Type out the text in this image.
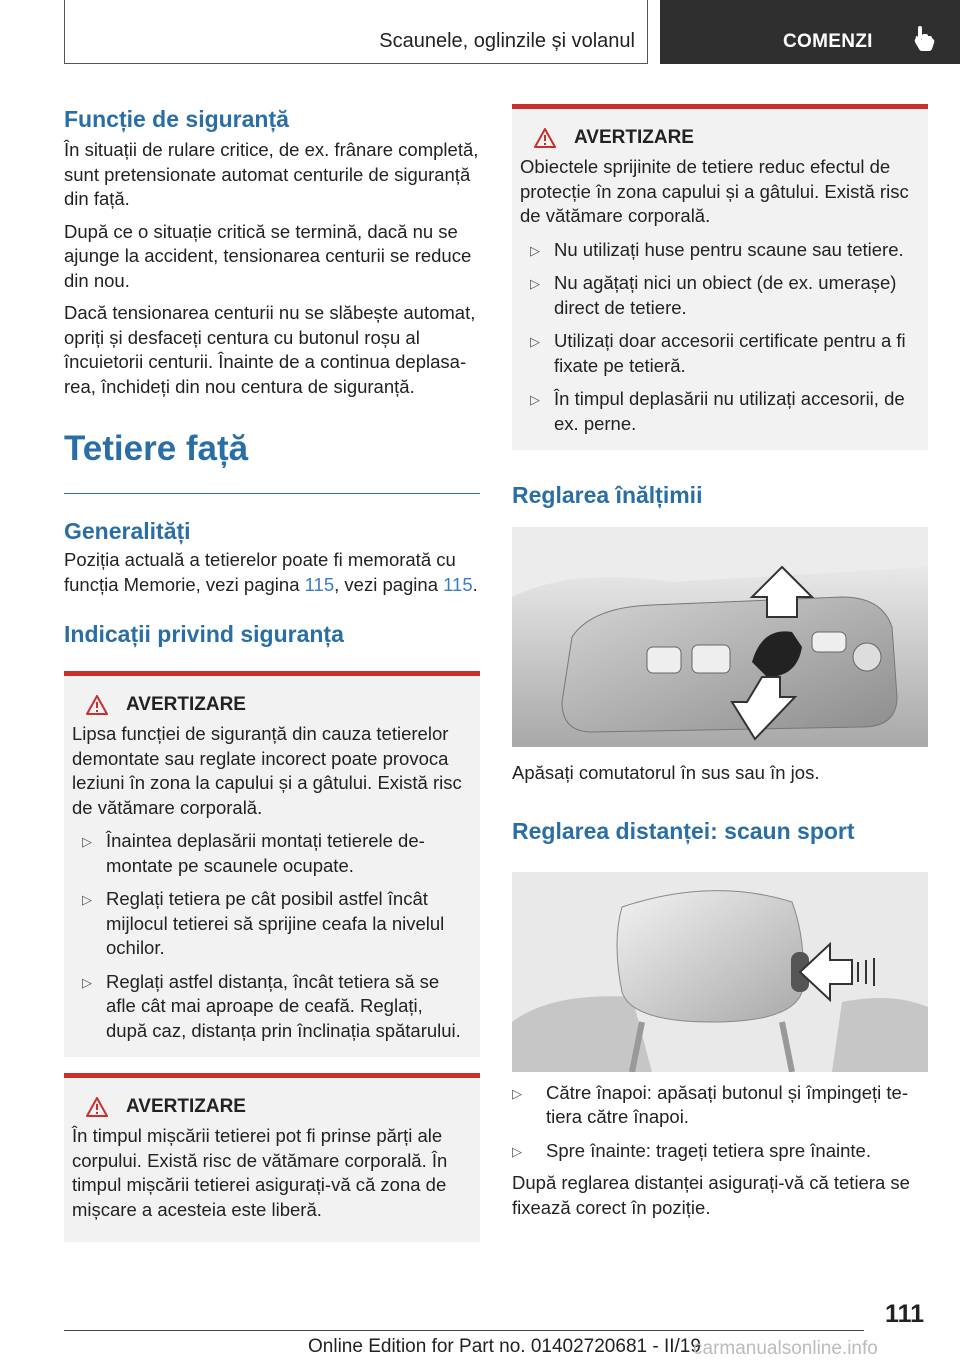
Scaunele, oglinzile și volanul	COMENZI
Funcție de siguranță

În situații de rulare critice, de ex. frânare completă, sunt pretensionate automat centurile de siguranță din față.

După ce o situație critică se termină, dacă nu se ajunge la accident, tensionarea centurii se reduce din nou.

Dacă tensionarea centurii nu se slăbește automat, opriți și desfaceți centura cu butonul roșu al încuietorii centurii. Înainte de a continua deplasarea, închideți din nou centura de siguranță.

Tetiere față
Generalități

Poziția actuală a tetierelor poate fi memorată cu funcția Memorie, vezi pagina 115, vezi pagina 115.

Indicații privind siguranța
AVERTIZARE

Lipsa funcției de siguranță din cauza tetierelor demontate sau reglate incorect poate provoca leziuni în zona la capului și a gâtului. Există risc de vătămare corporală.

▷ Înaintea deplasării montați tetierele demontate pe scaunele ocupate.
▷ Reglați tetiera pe cât posibil astfel încât mijlocul tetierei să sprijine ceafa la nivelul ochilor.
▷ Reglați astfel distanța, încât tetiera să se afle cât mai aproape de ceafă. Reglați, după caz, distanța prin înclinația spătarului.
AVERTIZARE

În timpul mișcării tetierei pot fi prinse părți ale corpului. Există risc de vătămare corporală. În timpul mișcării tetierei asigurați-vă că zona de mișcare a acesteia este liberă.

AVERTIZARE

Obiectele sprijinite de tetiere reduc efectul de protecție în zona capului și a gâtului. Există risc de vătămare corporală.

▷ Nu utilizați huse pentru scaune sau tetiere.
▷ Nu agățați nici un obiect (de ex. umerașe) direct de tetiere.
▷ Utilizați doar accesorii certificate pentru a fi fixate pe tetieră.
▷ În timpul deplasării nu utilizați accesorii, de ex. perne.
Reglarea înălțimii

Apăsați comutatorul în sus sau în jos.

Reglarea distanței: scaun sport
▷ Către înapoi: apăsați butonul și împingeți tetiera către înapoi.
▷ Spre înainte: trageți tetiera spre înainte.

După reglarea distanței asigurați-vă că tetiera se fixează corect în poziție.

111
Online Edition for Part no. 01402720681 - II/19
carmanualsonline.info
